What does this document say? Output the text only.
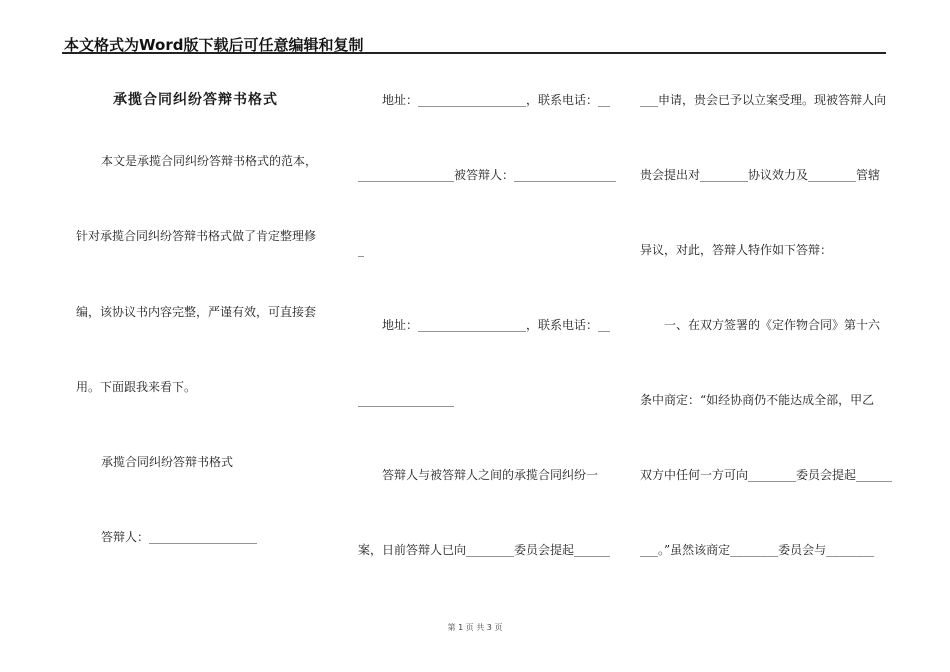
本文格式为Word版下载后可任意编辑和复制
承揽合同纠纷答辩书格式
本文是承揽合同纠纷答辩书格式的范本，
针对承揽合同纠纷答辩书格式做了肯定整理修
编，该协议书内容完整，严谨有效，可直接套
用。下面跟我来看下。
承揽合同纠纷答辩书格式
答辩人：__________________
地址：__________________，联系电话：__
________________被答辩人：_________________
_
地址：__________________，联系电话：__
________________
答辩人与被答辩人之间的承揽合同纠纷一
案，日前答辩人已向________委员会提起______
___申请，贵会已予以立案受理。现被答辩人向
贵会提出对________协议效力及________管辖
异议，对此，答辩人特作如下答辩：
一、在双方签署的《定作物合同》第十六
条中商定：“如经协商仍不能达成全部，甲乙
双方中任何一方可向________委员会提起______
___。”虽然该商定________委员会与________
第 1 页 共 3 页
